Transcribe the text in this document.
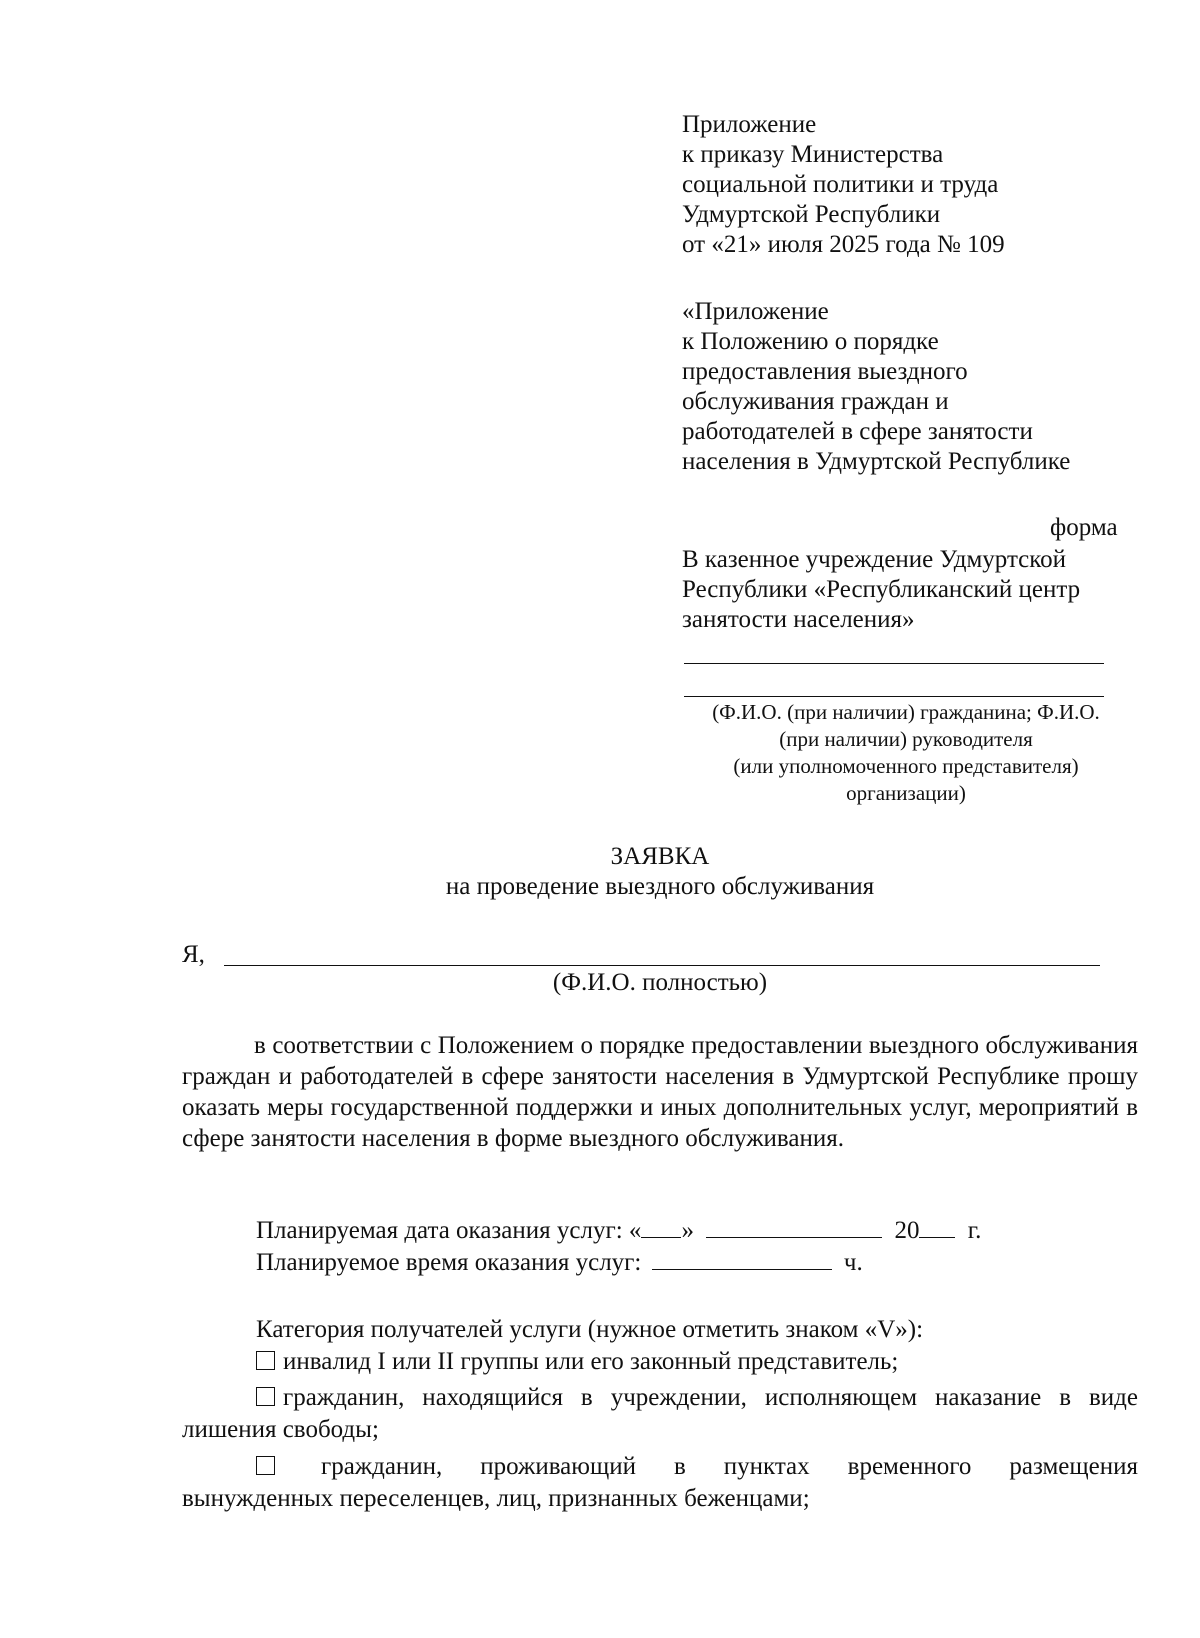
Приложение
к приказу Министерства
социальной политики и труда
Удмуртской Республики
от «21» июля 2025 года № 109
«Приложение
к Положению о порядке
предоставления выездного
обслуживания граждан и
работодателей в сфере занятости
населения в Удмуртской Республике
форма
В казенное учреждение Удмуртской
Республики «Республиканский центр
занятости населения»
(Ф.И.О. (при наличии) гражданина; Ф.И.О.
(при наличии) руководителя
(или уполномоченного представителя)
организации)
ЗАЯВКА
на проведение выездного обслуживания
Я,
(Ф.И.О. полностью)
в соответствии с Положением о порядке предоставлении выездного обслуживания граждан и работодателей в сфере занятости населения в Удмуртской Республике прошу оказать меры государственной поддержки и иных дополнительных услуг, мероприятий в сфере занятости населения в форме выездного обслуживания.
Планируемая дата оказания услуг: « »	20 г.
Планируемое время оказания услуг:	ч.
Категория получателей услуги (нужное отметить знаком «V»):
инвалид I или II группы или его законный представитель;
гражданин, находящийся в учреждении, исполняющем наказание в виде лишения свободы;
гражданин, проживающий в пунктах временного размещения
вынужденных переселенцев, лиц, признанных беженцами;
